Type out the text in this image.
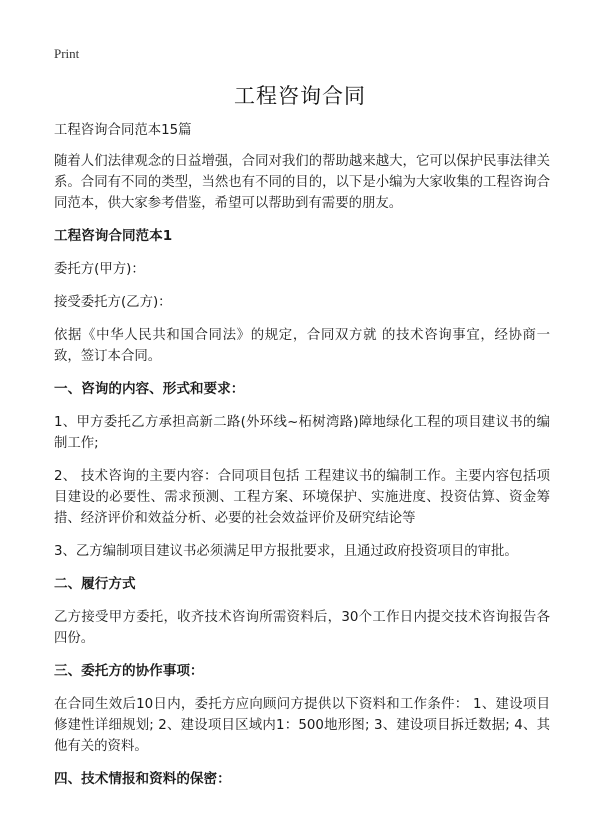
Print
工程咨询合同

工程咨询合同范本15篇

随着人们法律观念的日益增强，合同对我们的帮助越来越大，它可以保护民事法律关系。合同有不同的类型，当然也有不同的目的，以下是小编为大家收集的工程咨询合同范本，供大家参考借鉴，希望可以帮助到有需要的朋友。

工程咨询合同范本1

委托方(甲方)：

接受委托方(乙方)：

依据《中华人民共和国合同法》的规定，合同双方就 的技术咨询事宜，经协商一致，签订本合同。

一、咨询的内容、形式和要求：

1、甲方委托乙方承担高新二路(外环线~柘树湾路)障地绿化工程的项目建议书的编制工作;

2、 技术咨询的主要内容：合同项目包括 工程建议书的编制工作。主要内容包括项目建设的必要性、需求预测、工程方案、环境保护、实施进度、投资估算、资金筹措、经济评价和效益分析、必要的社会效益评价及研究结论等

3、乙方编制项目建议书必须满足甲方报批要求，且通过政府投资项目的审批。

二、履行方式

乙方接受甲方委托，收齐技术咨询所需资料后，30个工作日内提交技术咨询报告各四份。

三、委托方的协作事项：

在合同生效后10日内，委托方应向顾问方提供以下资料和工作条件： 1、建设项目修建性详细规划; 2、建设项目区域内1：500地形图; 3、建设项目拆迁数据; 4、其他有关的资料。

四、技术情报和资料的保密：
